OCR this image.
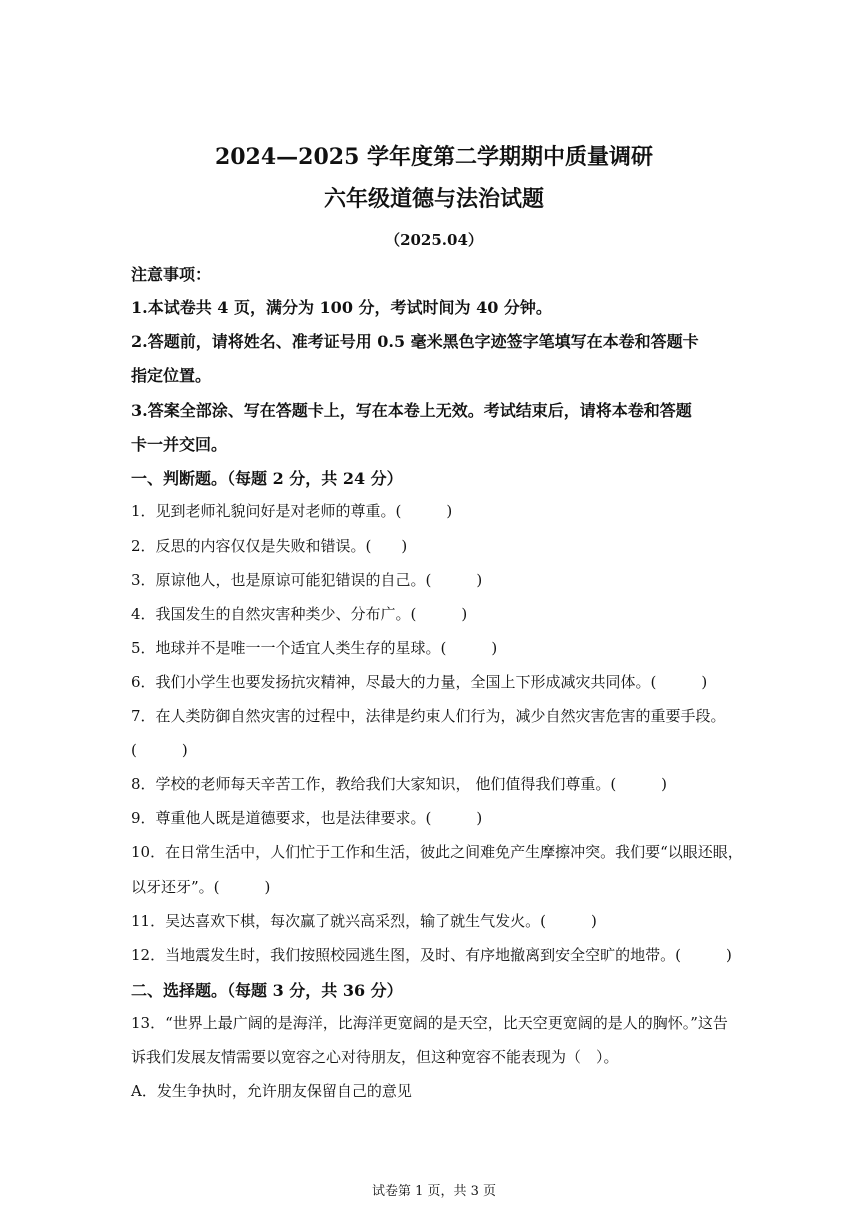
2024—2025 学年度第二学期期中质量调研
六年级道德与法治试题
（2025.04）
注意事项：
1.本试卷共 4 页，满分为 100 分，考试时间为 40 分钟。
2.答题前，请将姓名、准考证号用 0.5 毫米黑色字迹签字笔填写在本卷和答题卡
指定位置。
3.答案全部涂、写在答题卡上，写在本卷上无效。考试结束后，请将本卷和答题
卡一并交回。
一、判断题。（每题 2 分，共 24 分）
1．见到老师礼貌问好是对老师的尊重。(　　　)
2．反思的内容仅仅是失败和错误。(　　)
3．原谅他人，也是原谅可能犯错误的自己。(　　　)
4．我国发生的自然灾害种类少、分布广。(　　　)
5．地球并不是唯一一个适宜人类生存的星球。(　　　)
6．我们小学生也要发扬抗灾精神，尽最大的力量，全国上下形成减灾共同体。(　　　)
7．在人类防御自然灾害的过程中，法律是约束人们行为，减少自然灾害危害的重要手段。
(　　　)
8．学校的老师每天辛苦工作，教给我们大家知识， 他们值得我们尊重。(　　　)
9．尊重他人既是道德要求，也是法律要求。(　　　)
10．在日常生活中，人们忙于工作和生活，彼此之间难免产生摩擦冲突。我们要“以眼还眼，
以牙还牙”。(　　　)
11．吴达喜欢下棋，每次赢了就兴高采烈，输了就生气发火。(　　　)
12．当地震发生时，我们按照校园逃生图，及时、有序地撤离到安全空旷的地带。(　　　)
二、选择题。（每题 3 分，共 36 分）
13．“世界上最广阔的是海洋，比海洋更宽阔的是天空，比天空更宽阔的是人的胸怀。”这告
诉我们发展友情需要以宽容之心对待朋友，但这种宽容不能表现为（　）。
A．发生争执时，允许朋友保留自己的意见
试卷第 1 页，共 3 页
